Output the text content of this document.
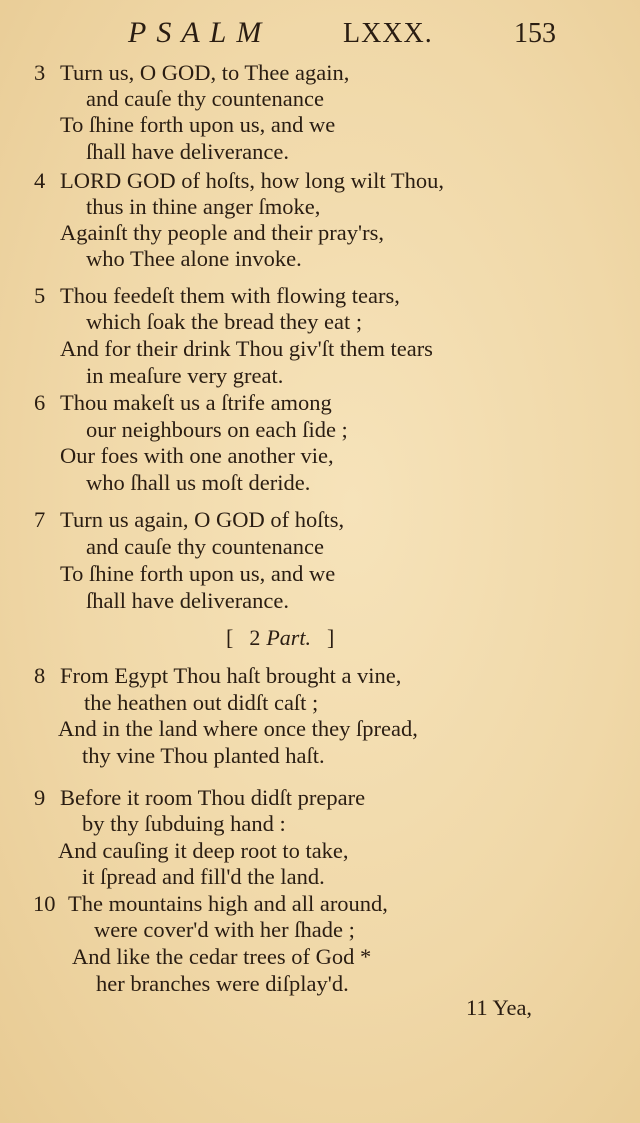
PSALM	LXXX.	153
3 Turn us, O GOD, to Thee again,
and cauſe thy countenance
To ſhine forth upon us, and we
ſhall have deliverance.
4 LORD GOD of hoſts, how long wilt Thou,
thus in thine anger ſmoke,
Againſt thy people and their pray'rs,
who Thee alone invoke.
5 Thou feedeſt them with flowing tears,
which ſoak the bread they eat ;
And for their drink Thou giv'ſt them tears
in meaſure very great.
6 Thou makeſt us a ſtrife among
our neighbours on each ſide ;
Our foes with one another vie,
who ſhall us moſt deride.
7 Turn us again, O GOD of hoſts,
and cauſe thy countenance
To ſhine forth upon us, and we
ſhall have deliverance.
[ 2 Part. ]
8 From Egypt Thou haſt brought a vine,
the heathen out didſt caſt ;
And in the land where once they ſpread,
thy vine Thou planted haſt.
9 Before it room Thou didſt prepare
by thy ſubduing hand :
And cauſing it deep root to take,
it ſpread and fill'd the land.
10 The mountains high and all around,
were cover'd with her ſhade ;
And like the cedar trees of God *
her branches were diſplay'd.
11 Yea,
